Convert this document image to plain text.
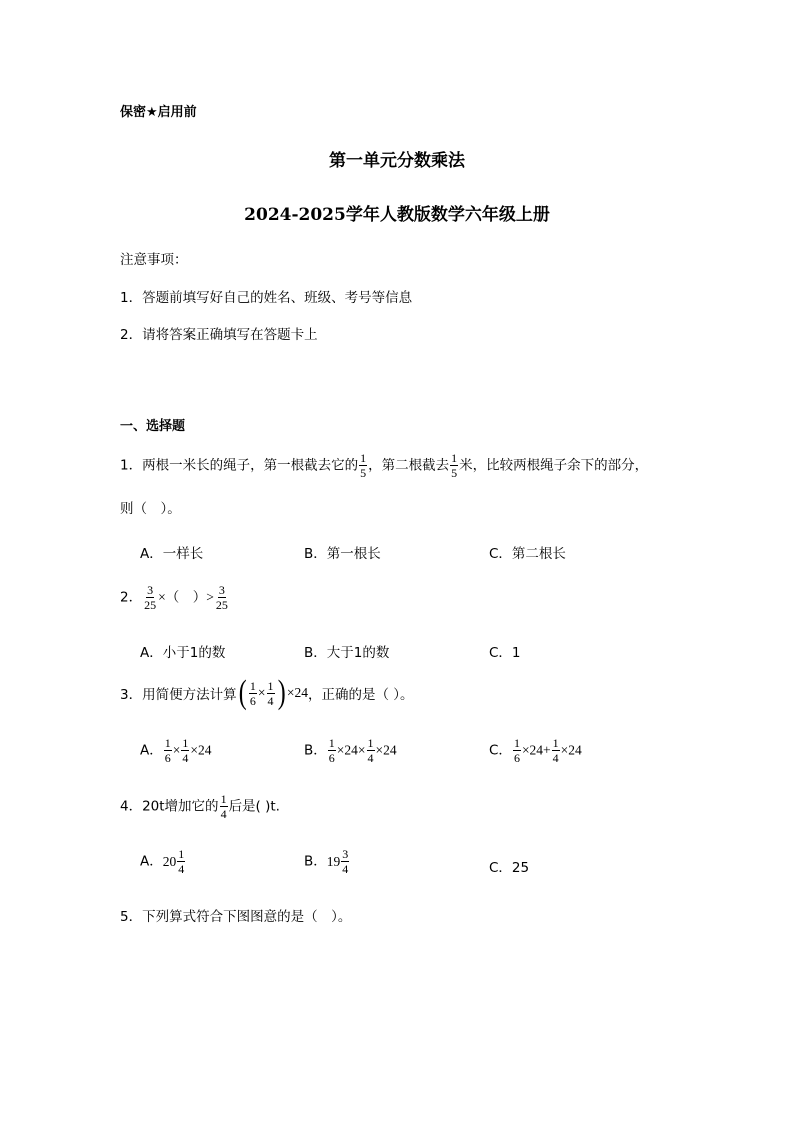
保密★启用前
第一单元分数乘法
2024-2025学年人教版数学六年级上册
注意事项：
1．答题前填写好自己的姓名、班级、考号等信息
2．请将答案正确填写在答题卡上
一、选择题
1．两根一米长的绳子，第一根截去它的 $\frac{1}{5}$ ，第二根截去 $\frac{1}{5}$ 米，比较两根绳子余下的部分，
则（　）。
A．一样长	B．第一根长	C．第二根长
2． $\frac{3}{25}$ ×（　）> $\frac{3}{25}$
A．小于1的数	B．大于1的数	C．1
3．用简便方法计算 ( $\frac{1}{6} \times \frac{1}{4}$ ) ×24 ，正确的是（ ）。
A． $\frac{1}{6} \times \frac{1}{4} \times 24$	B． $\frac{1}{6} \times 24\times \frac{1}{4} \times 24$	C． $\frac{1}{6} \times 24+ \frac{1}{4} \times 24$
4．20t增加它的 $\frac{1}{4}$ 后是( )t.
A． $20 \frac{1}{4}$	B． $19 \frac{3}{4}$	C．25
5．下列算式符合下图图意的是（　）。
